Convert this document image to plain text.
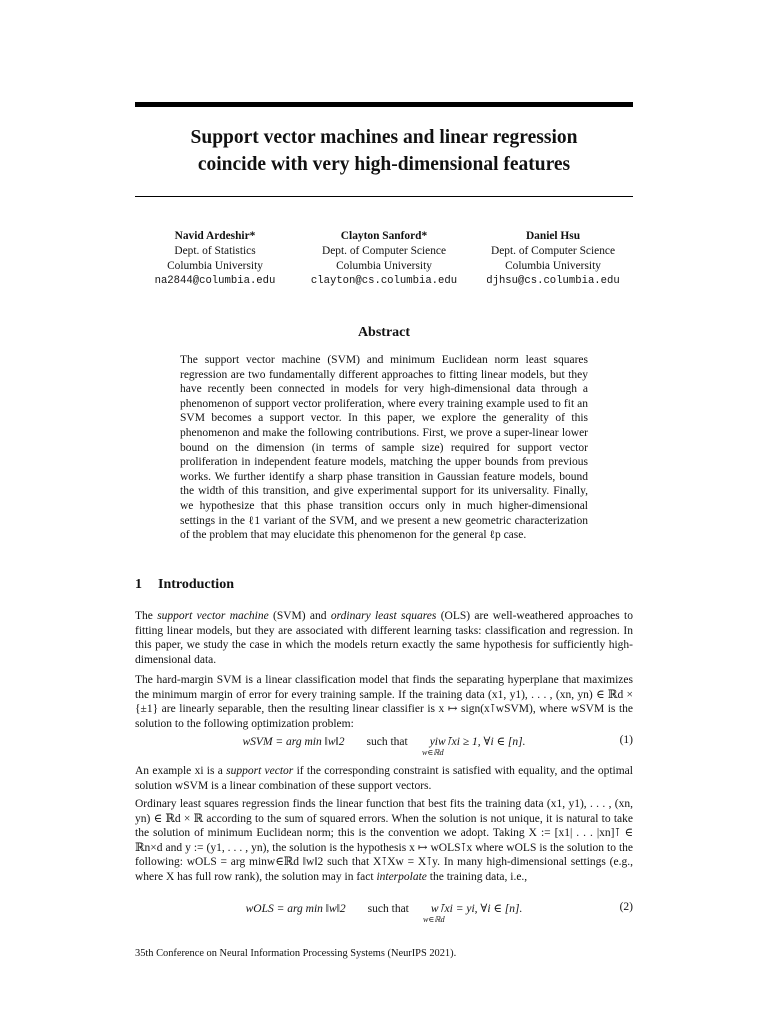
Support vector machines and linear regression
coincide with very high-dimensional features
Navid Ardeshir*
Dept. of Statistics
Columbia University
na2844@columbia.edu
Clayton Sanford*
Dept. of Computer Science
Columbia University
clayton@cs.columbia.edu
Daniel Hsu
Dept. of Computer Science
Columbia University
djhsu@cs.columbia.edu
Abstract
The support vector machine (SVM) and minimum Euclidean norm least squares regression are two fundamentally different approaches to fitting linear models, but they have recently been connected in models for very high-dimensional data through a phenomenon of support vector proliferation, where every training example used to fit an SVM becomes a support vector. In this paper, we explore the generality of this phenomenon and make the following contributions. First, we prove a super-linear lower bound on the dimension (in terms of sample size) required for support vector proliferation in independent feature models, matching the upper bounds from previous works. We further identify a sharp phase transition in Gaussian feature models, bound the width of this transition, and give experimental support for its universality. Finally, we hypothesize that this phase transition occurs only in much higher-dimensional settings in the ℓ1 variant of the SVM, and we present a new geometric characterization of the problem that may elucidate this phenomenon for the general ℓp case.
1 Introduction
The support vector machine (SVM) and ordinary least squares (OLS) are well-weathered approaches to fitting linear models, but they are associated with different learning tasks: classification and regression. In this paper, we study the case in which the models return exactly the same hypothesis for sufficiently high-dimensional data.
The hard-margin SVM is a linear classification model that finds the separating hyperplane that maximizes the minimum margin of error for every training sample. If the training data (x1, y1), . . . , (xn, yn) ∈ ℝd × {±1} are linearly separable, then the resulting linear classifier is x ↦ sign(x⊺wSVM), where wSVM is the solution to the following optimization problem:
wSVM = arg min ‖w‖2 such that yiw⊺xi ≥ 1, ∀i ∈ [n].
w∈ℝd
(1)
An example xi is a support vector if the corresponding constraint is satisfied with equality, and the optimal solution wSVM is a linear combination of these support vectors.
Ordinary least squares regression finds the linear function that best fits the training data (x1, y1), . . . , (xn, yn) ∈ ℝd × ℝ according to the sum of squared errors. When the solution is not unique, it is natural to take the solution of minimum Euclidean norm; this is the convention we adopt. Taking X := [x1| . . . |xn]⊺ ∈ ℝn×d and y := (y1, . . . , yn), the solution is the hypothesis x ↦ wOLS⊺x where wOLS is the solution to the following: wOLS = arg minw∈ℝd ‖w‖2 such that X⊺Xw = X⊺y. In many high-dimensional settings (e.g., where X has full row rank), the solution may in fact interpolate the training data, i.e.,
wOLS = arg min ‖w‖2 such that w⊺xi = yi, ∀i ∈ [n].
w∈ℝd
(2)
35th Conference on Neural Information Processing Systems (NeurIPS 2021).
